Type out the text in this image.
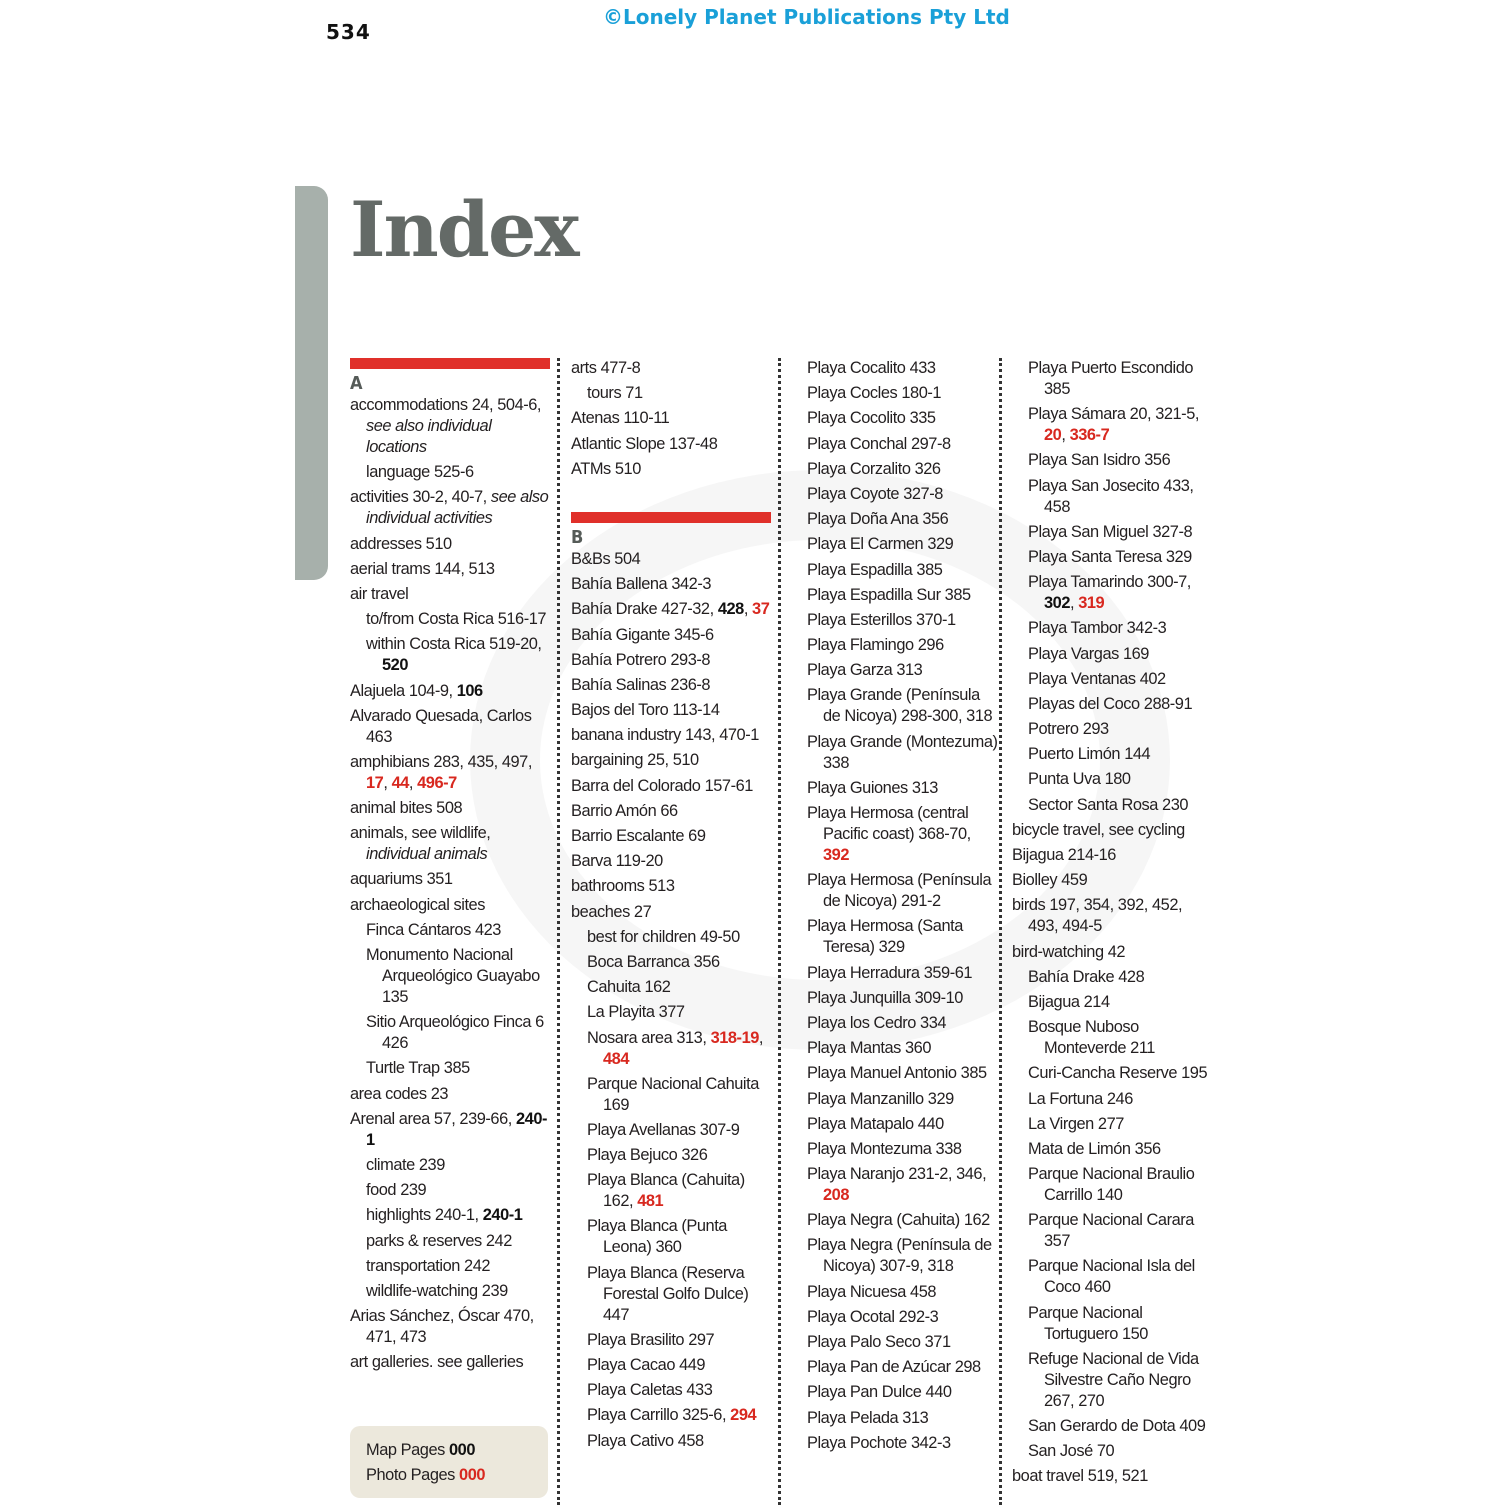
534
©Lonely Planet Publications Pty Ltd
Index
A
accommodations 24, 504-6, see also individual locations
language 525-6
activities 30-2, 40-7, see also individual activities
addresses 510
aerial trams 144, 513
air travel
to/from Costa Rica 516-17
within Costa Rica 519-20, 520
Alajuela 104-9, 106
Alvarado Quesada, Carlos 463
amphibians 283, 435, 497, 17, 44, 496-7
animal bites 508
animals, see wildlife, individual animals
aquariums 351
archaeological sites
Finca Cántaros 423
Monumento Nacional Arqueológico Guayabo 135
Sitio Arqueológico Finca 6 426
Turtle Trap 385
area codes 23
Arenal area 57, 239-66, 240-1
climate 239
food 239
highlights 240-1, 240-1
parks & reserves 242
transportation 242
wildlife-watching 239
Arias Sánchez, Óscar 470, 471, 473
art galleries. see galleries
arts 477-8
tours 71
Atenas 110-11
Atlantic Slope 137-48
ATMs 510
B
B&Bs 504
Bahía Ballena 342-3
Bahía Drake 427-32, 428, 37
Bahía Gigante 345-6
Bahía Potrero 293-8
Bahía Salinas 236-8
Bajos del Toro 113-14
banana industry 143, 470-1
bargaining 25, 510
Barra del Colorado 157-61
Barrio Amón 66
Barrio Escalante 69
Barva 119-20
bathrooms 513
beaches 27
best for children 49-50
Boca Barranca 356
Cahuita 162
La Playita 377
Nosara area 313, 318-19, 484
Parque Nacional Cahuita 169
Playa Avellanas 307-9
Playa Bejuco 326
Playa Blanca (Cahuita) 162, 481
Playa Blanca (Punta Leona) 360
Playa Blanca (Reserva Forestal Golfo Dulce) 447
Playa Brasilito 297
Playa Cacao 449
Playa Caletas 433
Playa Carrillo 325-6, 294
Playa Cativo 458
Playa Cocalito 433
Playa Cocles 180-1
Playa Cocolito 335
Playa Conchal 297-8
Playa Corzalito 326
Playa Coyote 327-8
Playa Doña Ana 356
Playa El Carmen 329
Playa Espadilla 385
Playa Espadilla Sur 385
Playa Esterillos 370-1
Playa Flamingo 296
Playa Garza 313
Playa Grande (Península de Nicoya) 298-300, 318
Playa Grande (Montezuma) 338
Playa Guiones 313
Playa Hermosa (central Pacific coast) 368-70, 392
Playa Hermosa (Península de Nicoya) 291-2
Playa Hermosa (Santa Teresa) 329
Playa Herradura 359-61
Playa Junquilla 309-10
Playa los Cedro 334
Playa Mantas 360
Playa Manuel Antonio 385
Playa Manzanillo 329
Playa Matapalo 440
Playa Montezuma 338
Playa Naranjo 231-2, 346, 208
Playa Negra (Cahuita) 162
Playa Negra (Península de Nicoya) 307-9, 318
Playa Nicuesa 458
Playa Ocotal 292-3
Playa Palo Seco 371
Playa Pan de Azúcar 298
Playa Pan Dulce 440
Playa Pelada 313
Playa Pochote 342-3
Playa Puerto Escondido 385
Playa Sámara 20, 321-5, 20, 336-7
Playa San Isidro 356
Playa San Josecito 433, 458
Playa San Miguel 327-8
Playa Santa Teresa 329
Playa Tamarindo 300-7, 302, 319
Playa Tambor 342-3
Playa Vargas 169
Playa Ventanas 402
Playas del Coco 288-91
Potrero 293
Puerto Limón 144
Punta Uva 180
Sector Santa Rosa 230
bicycle travel, see cycling
Bijagua 214-16
Biolley 459
birds 197, 354, 392, 452, 493, 494-5
bird-watching 42
Bahía Drake 428
Bijagua 214
Bosque Nuboso Monteverde 211
Curi-Cancha Reserve 195
La Fortuna 246
La Virgen 277
Mata de Limón 356
Parque Nacional Braulio Carrillo 140
Parque Nacional Carara 357
Parque Nacional Isla del Coco 460
Parque Nacional Tortuguero 150
Refuge Nacional de Vida Silvestre Caño Negro 267, 270
San Gerardo de Dota 409
San José 70
boat travel 519, 521
Map Pages 000
Photo Pages 000
